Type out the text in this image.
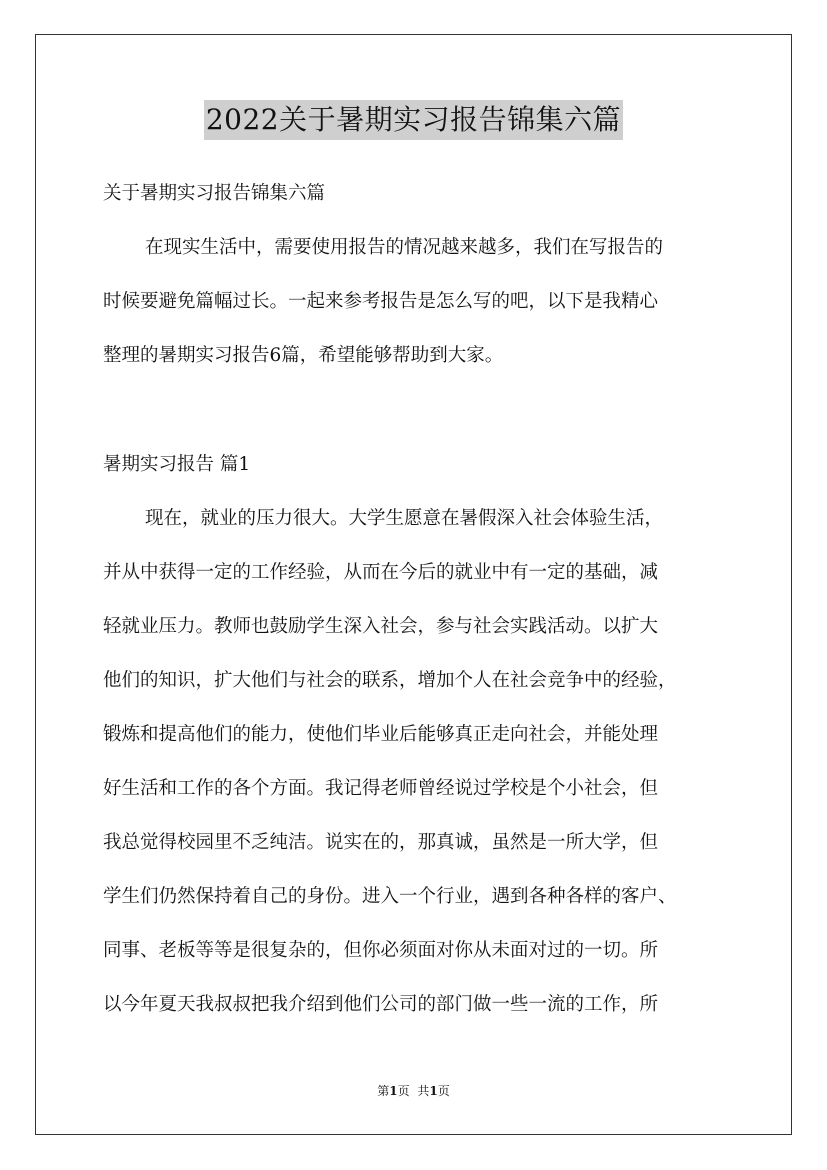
2022关于暑期实习报告锦集六篇
关于暑期实习报告锦集六篇
在现实生活中，需要使用报告的情况越来越多，我们在写报告的
时候要避免篇幅过长。一起来参考报告是怎么写的吧，以下是我精心
整理的暑期实习报告6篇，希望能够帮助到大家。
暑期实习报告 篇1
现在，就业的压力很大。大学生愿意在暑假深入社会体验生活，
并从中获得一定的工作经验，从而在今后的就业中有一定的基础，减
轻就业压力。教师也鼓励学生深入社会，参与社会实践活动。以扩大
他们的知识，扩大他们与社会的联系，增加个人在社会竞争中的经验，
锻炼和提高他们的能力，使他们毕业后能够真正走向社会，并能处理
好生活和工作的各个方面。我记得老师曾经说过学校是个小社会，但
我总觉得校园里不乏纯洁。说实在的，那真诚，虽然是一所大学，但
学生们仍然保持着自己的身份。进入一个行业，遇到各种各样的客户、
同事、老板等等是很复杂的，但你必须面对你从未面对过的一切。所
以今年夏天我叔叔把我介绍到他们公司的部门做一些一流的工作，所
第1页 共1页
